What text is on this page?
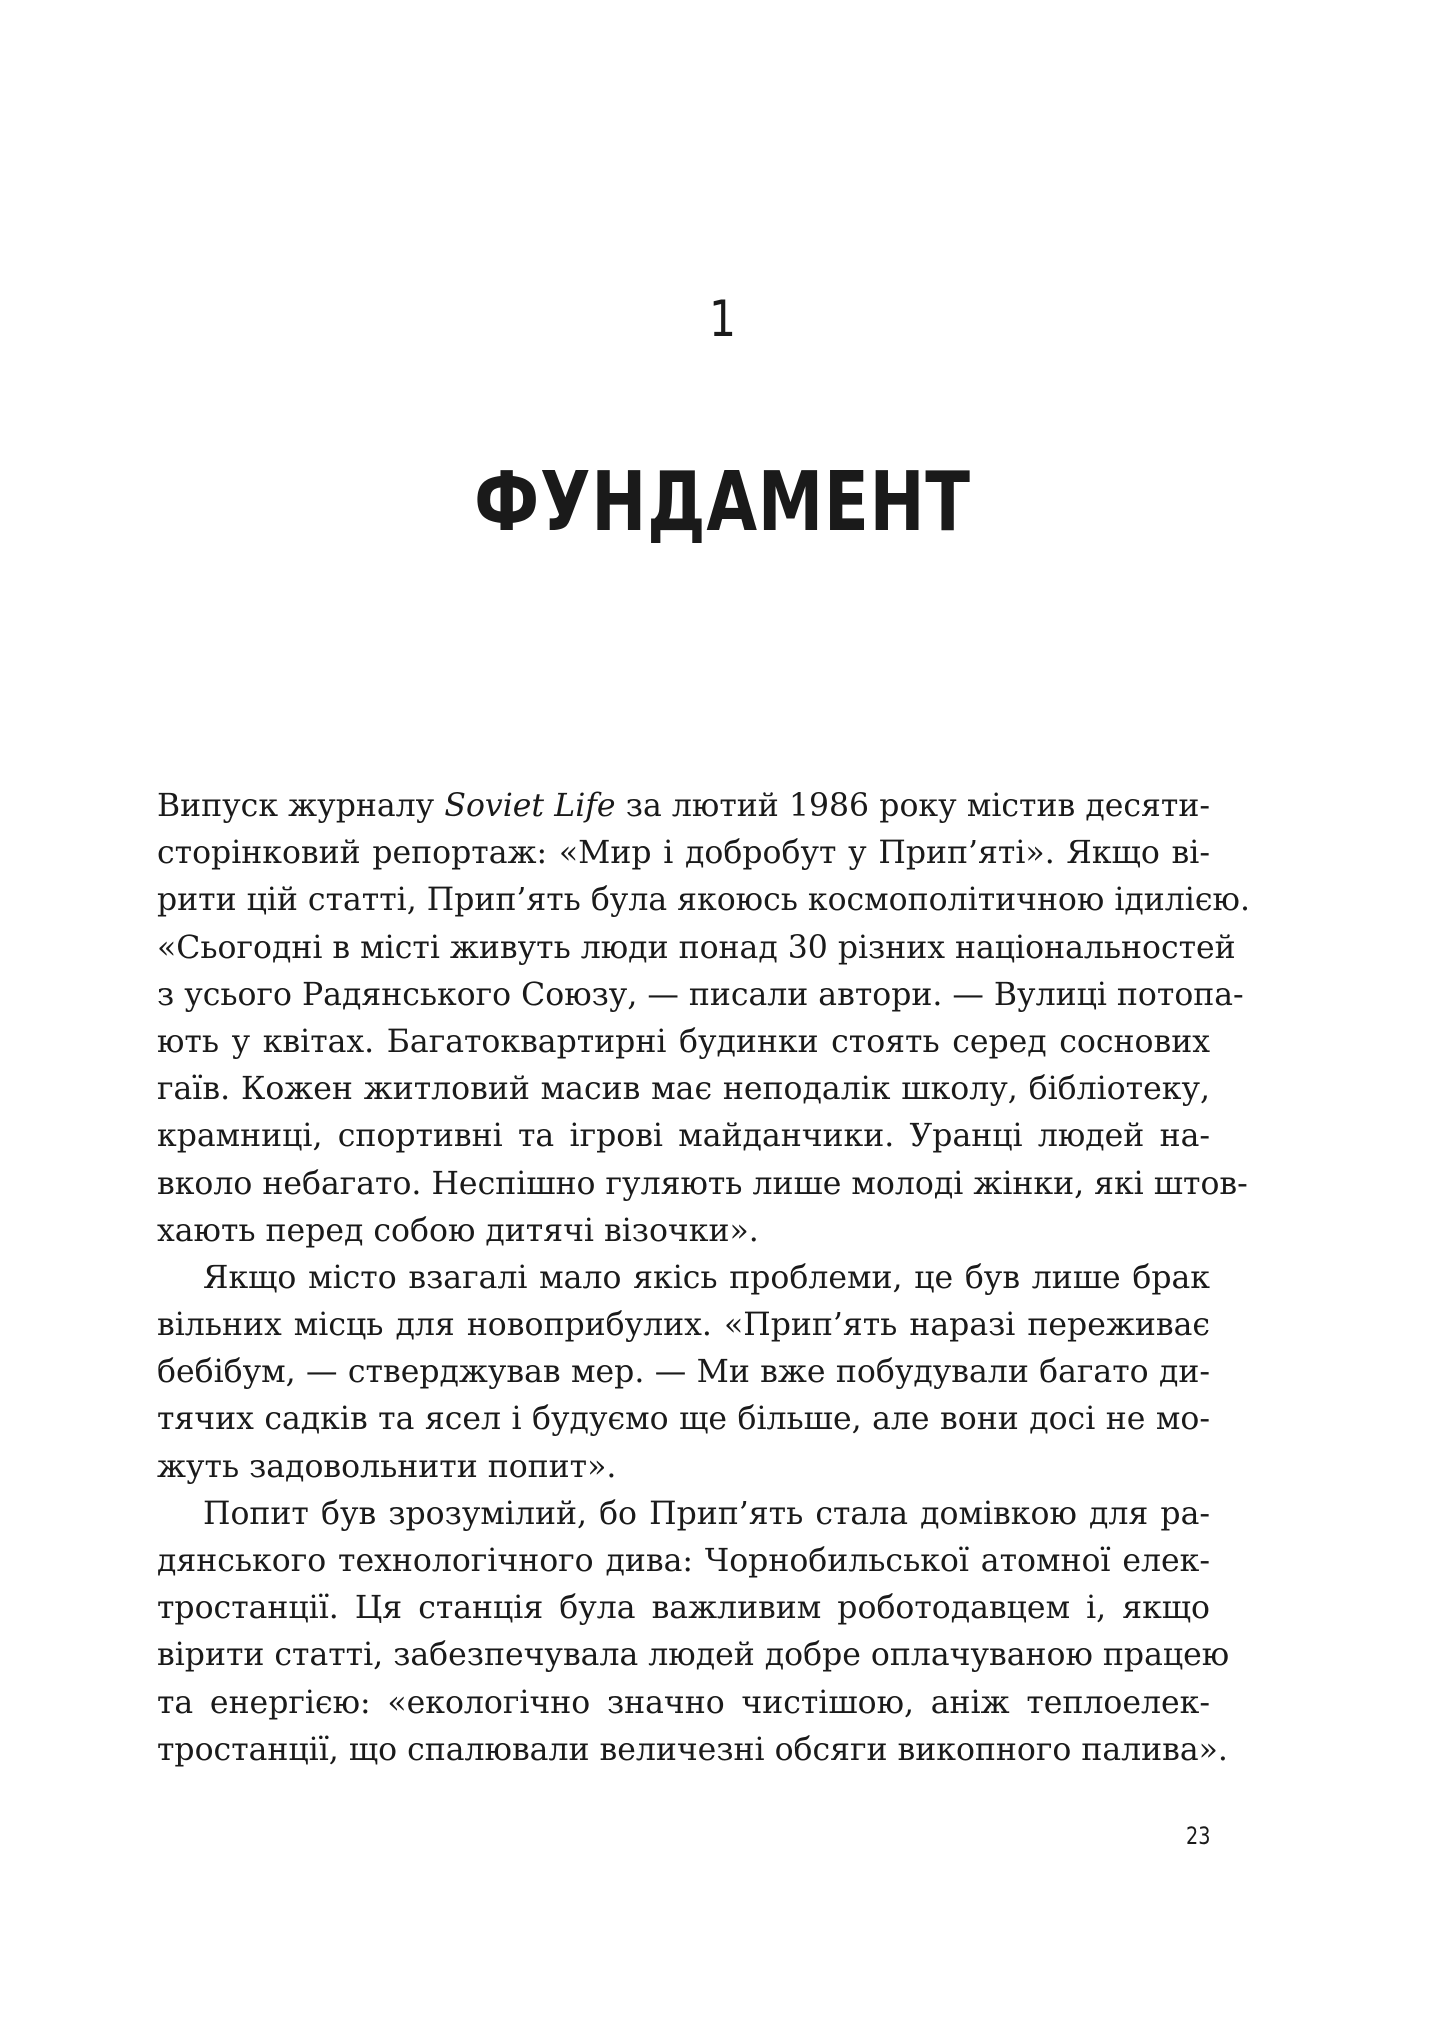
1
ФУНДАМЕНТ
Випуск журналу Soviet Life за лютий 1986 року містив десяти-
сторінковий репортаж: «Мир і добробут у Прип’яті». Якщо ві-
рити цій статті, Прип’ять була якоюсь космополітичною ідилією.
«Сьогодні в місті живуть люди понад 30 різних національностей
з усього Радянського Союзу, — писали автори. — Вулиці потопа-
ють у квітах. Багатоквартирні будинки стоять серед соснових
гаїв. Кожен житловий масив має неподалік школу, бібліотеку,
крамниці, спортивні та ігрові майданчики. Уранці людей на-
вколо небагато. Неспішно гуляють лише молоді жінки, які штов-
хають перед собою дитячі візочки».
Якщо місто взагалі мало якісь проблеми, це був лише брак
вільних місць для новоприбулих. «Прип’ять наразі переживає
бебібум, — стверджував мер. — Ми вже побудували багато ди-
тячих садків та ясел і будуємо ще більше, але вони досі не мо-
жуть задовольнити попит».
Попит був зрозумілий, бо Прип’ять стала домівкою для ра-
дянського технологічного дива: Чорнобильської атомної елек-
тростанції. Ця станція була важливим роботодавцем і, якщо
вірити статті, забезпечувала людей добре оплачуваною працею
та енергією: «екологічно значно чистішою, аніж теплоелек-
тростанції, що спалювали величезні обсяги викопного палива».
23
